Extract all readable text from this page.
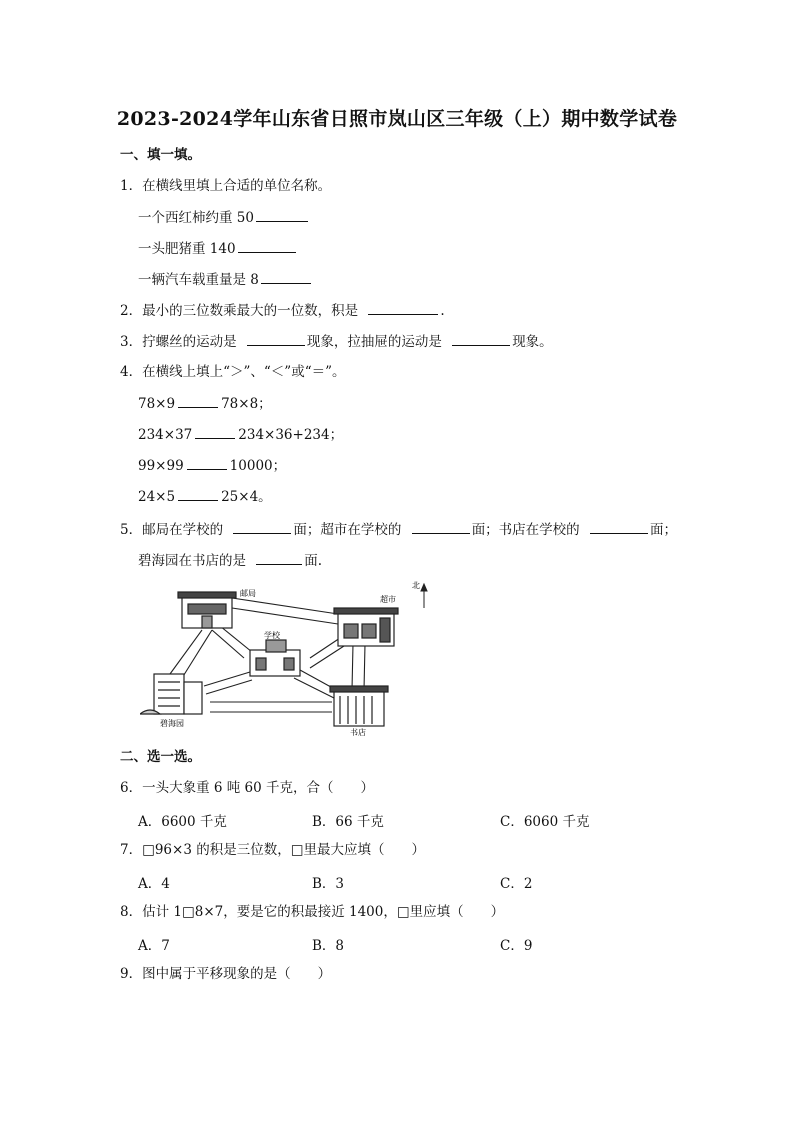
2023-2024学年山东省日照市岚山区三年级（上）期中数学试卷
一、填一填。
1．在横线里填上合适的单位名称。
一个西红柿约重 50
一头肥猪重 140
一辆汽车载重量是 8
2．最小的三位数乘最大的一位数，积是	.
3．拧螺丝的运动是	现象，拉抽屉的运动是	现象。
4．在横线上填上“＞”、“＜”或“＝”。
78×9	78×8；
234×37	234×36+234；
99×99	10000；
24×5	25×4。
5．邮局在学校的	面；超市在学校的	面；书店在学校的	面；
碧海园在书店的是	面.
邮局
超市
北
学校
碧海园
书店
二、选一选。
6．一头大象重 6 吨 60 千克，合（　　）
A．6600 千克	B．66 千克	C．6060 千克
7．□96×3 的积是三位数，□里最大应填（　　）
A．4	B．3	C．2
8．估计 1□8×7，要是它的积最接近 1400，□里应填（　　）
A．7	B．8	C．9
9．图中属于平移现象的是（　　）
